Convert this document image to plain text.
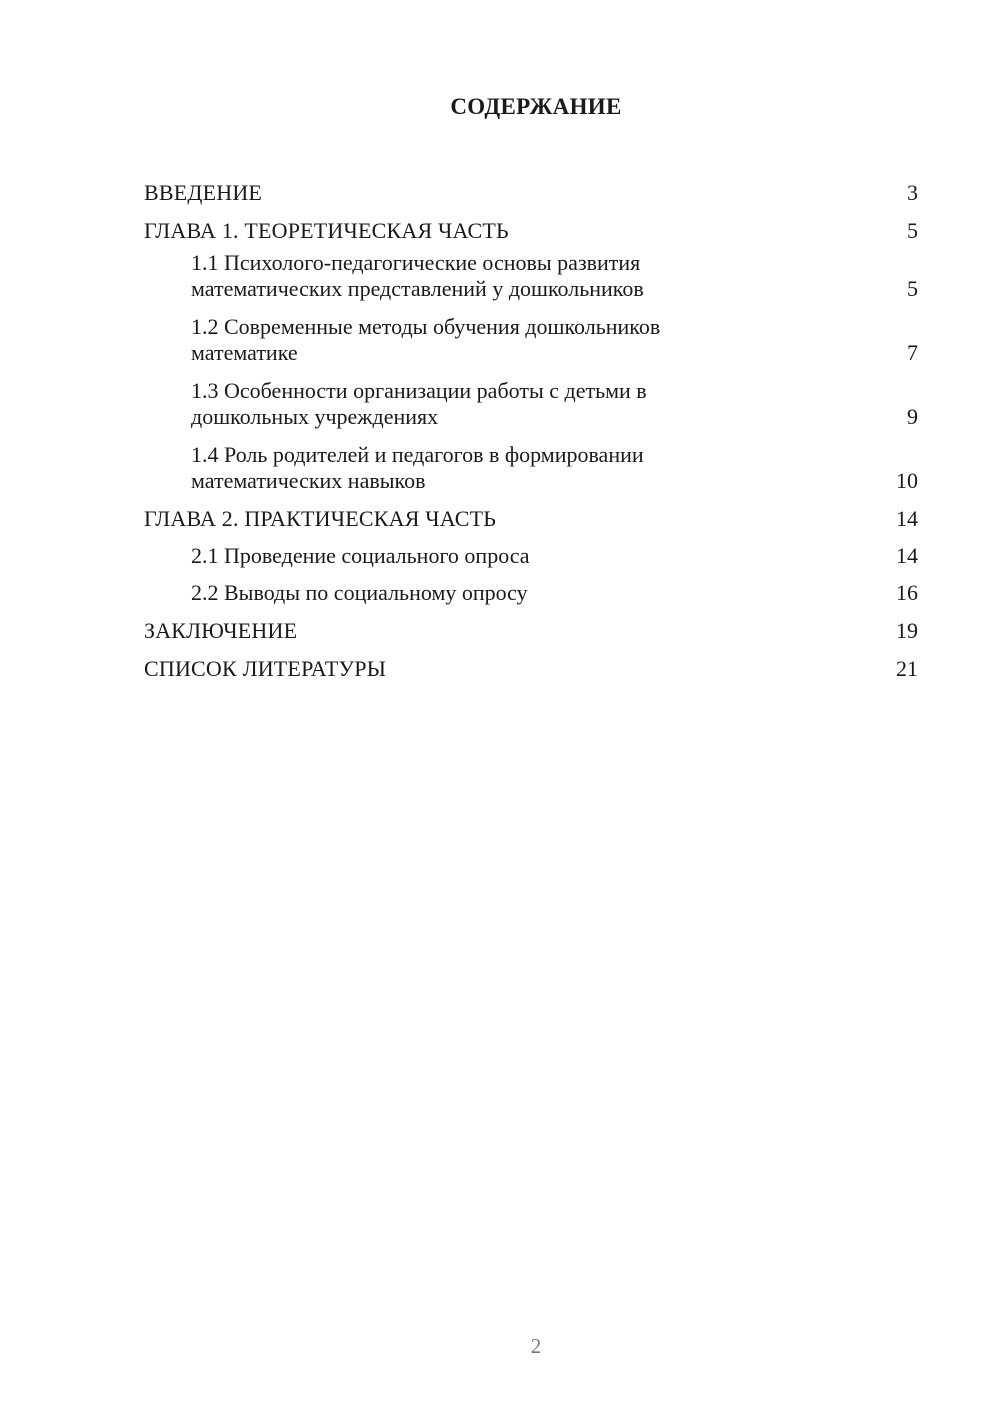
СОДЕРЖАНИЕ
ВВЕДЕНИЕ	3
ГЛАВА 1. ТЕОРЕТИЧЕСКАЯ ЧАСТЬ	5
1.1 Психолого-педагогические основы развития математических представлений у дошкольников	5
1.2 Современные методы обучения дошкольников математике	7
1.3 Особенности организации работы с детьми в дошкольных учреждениях	9
1.4 Роль родителей и педагогов в формировании математических навыков	10
ГЛАВА 2. ПРАКТИЧЕСКАЯ ЧАСТЬ	14
2.1 Проведение социального опроса	14
2.2 Выводы по социальному опросу	16
ЗАКЛЮЧЕНИЕ	19
СПИСОК ЛИТЕРАТУРЫ	21
2
